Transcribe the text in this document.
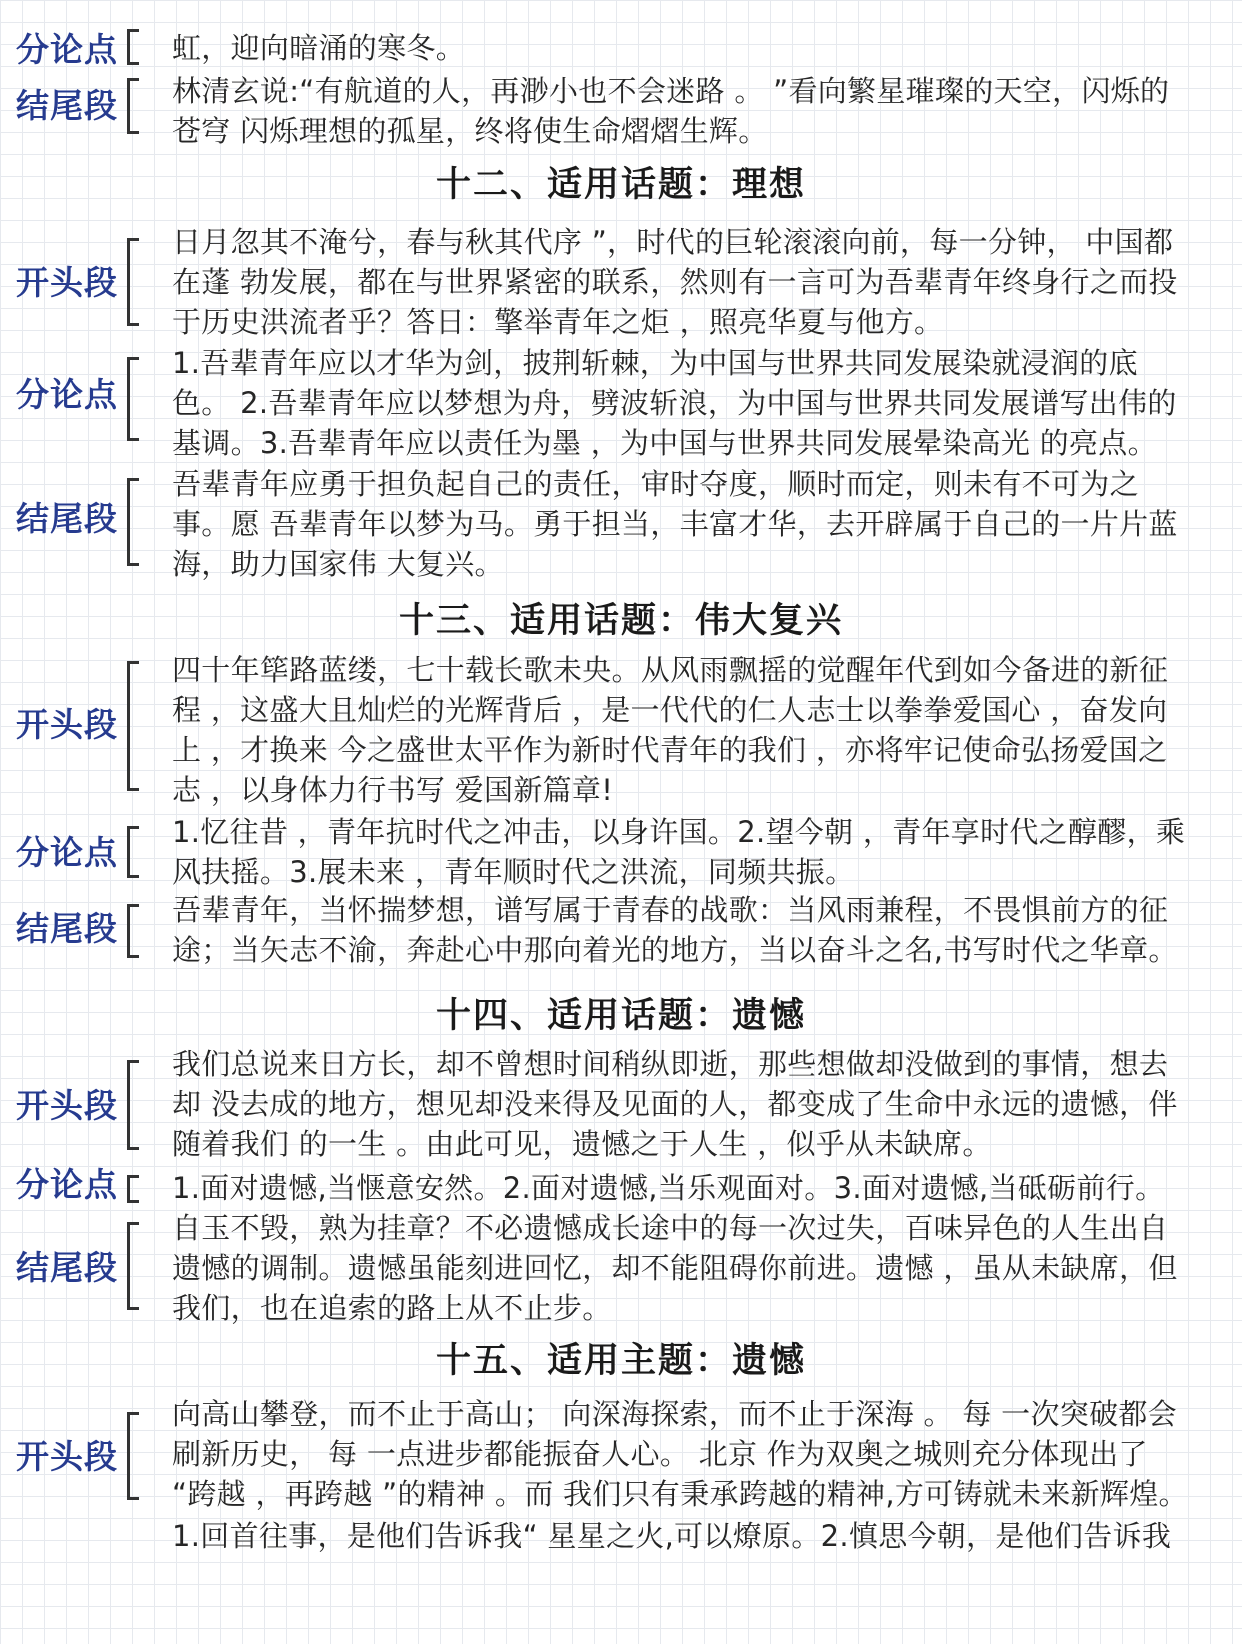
分论点 虹，迎向暗涌的寒冬。
结尾段 林清玄说:“有航道的人，再渺小也不会迷路 。 ”看向繁星璀璨的天空，闪烁的
苍穹 闪烁理想的孤星，终将使生命熠熠生辉。
十二、适用话题：理想
开头段
日月忽其不淹兮，春与秋其代序 ”，时代的巨轮滚滚向前，每一分钟， 中国都
在蓬 勃发展，都在与世界紧密的联系，然则有一言可为吾辈青年终身行之而投
于历史洪流者乎？答日：擎举青年之炬 ，照亮华夏与他方。
分论点
1.吾辈青年应以才华为剑，披荆斩棘，为中国与世界共同发展染就浸润的底
色。 2.吾辈青年应以梦想为舟，劈波斩浪，为中国与世界共同发展谱写出伟的
基调。3.吾辈青年应以责任为墨 ，为中国与世界共同发展晕染高光 的亮点。
结尾段
吾辈青年应勇于担负起自己的责任，审时夺度，顺时而定，则未有不可为之
事。愿 吾辈青年以梦为马。勇于担当，丰富才华，去开辟属于自己的一片片蓝
海，助力国家伟 大复兴。
十三、适用话题：伟大复兴
开头段
四十年筚路蓝缕，七十载长歌未央。从风雨飘摇的觉醒年代到如今备进的新征
程 ，这盛大且灿烂的光辉背后 ，是一代代的仁人志士以拳拳爱国心 ，奋发向
上 ，才换来 今之盛世太平作为新时代青年的我们 ，亦将牢记使命弘扬爱国之
志 ，以身体力行书写 爱国新篇章!
分论点
1.忆往昔 ，青年抗时代之冲击，以身许国。2.望今朝 ，青年享时代之醇醪，乘
风扶摇。3.展未来 ，青年顺时代之洪流，同频共振。
结尾段 吾辈青年，当怀揣梦想，谱写属于青春的战歌：当风雨兼程，不畏惧前方的征
途；当矢志不渝，奔赴心中那向着光的地方，当以奋斗之名,书写时代之华章。
十四、适用话题：遗憾
开头段
我们总说来日方长，却不曾想时间稍纵即逝，那些想做却没做到的事情，想去
却 没去成的地方，想见却没来得及见面的人，都变成了生命中永远的遗憾，伴
随着我们 的一生 。由此可见，遗憾之于人生 ，似乎从未缺席。
分论点 1.面对遗憾,当惬意安然。2.面对遗憾,当乐观面对。3.面对遗憾,当砥砺前行。
结尾段
自玉不毁，熟为挂章？不必遗憾成长途中的每一次过失，百味异色的人生出自
遗憾的调制。遗憾虽能刻进回忆，却不能阻碍你前进。遗憾 ，虽从未缺席，但
我们，也在追索的路上从不止步。
十五、适用主题：遗憾
开头段
向高山攀登，而不止于高山； 向深海探索，而不止于深海 。 每 一次突破都会
刷新历史， 每 一点进步都能振奋人心。 北京 作为双奥之城则充分体现出了
“跨越 ，再跨越 ”的精神 。而 我们只有秉承跨越的精神,方可铸就未来新辉煌。
1.回首往事，是他们告诉我“ 星星之火,可以燎原。2.慎思今朝，是他们告诉我
